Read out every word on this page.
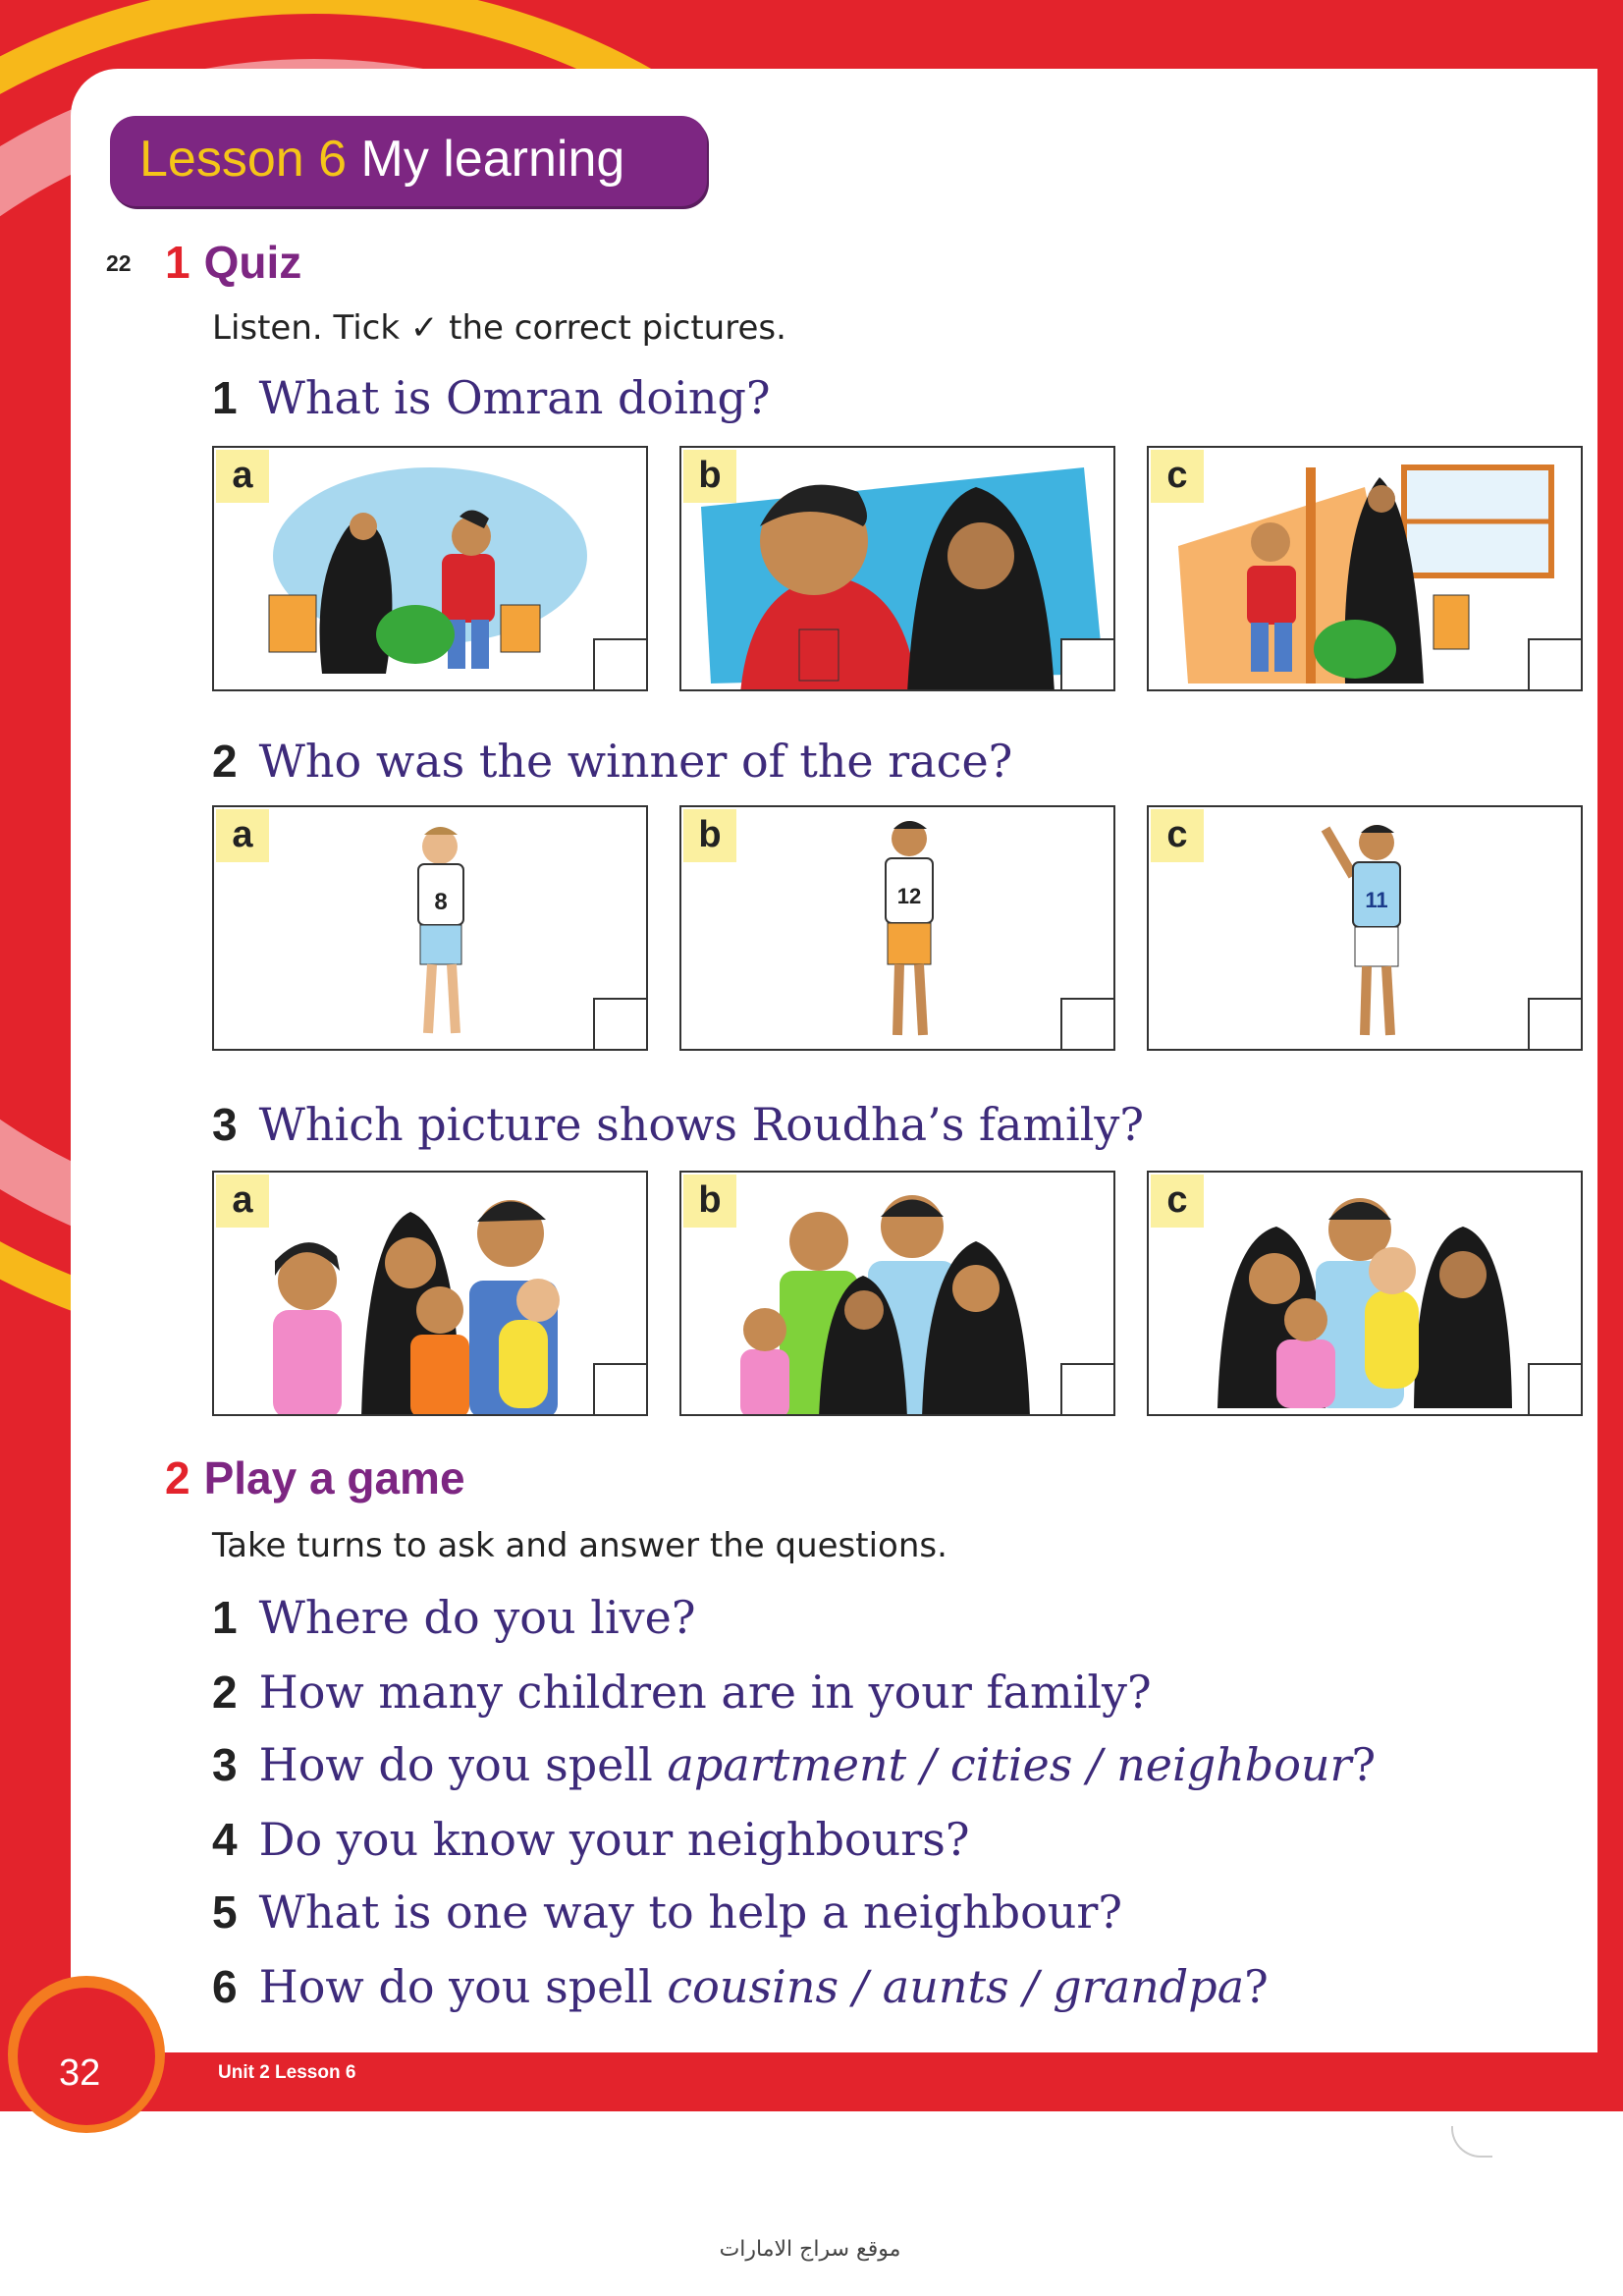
Lesson 6 My learning
22 1 Quiz
Listen. Tick ✓ the correct pictures.
1 What is Omran doing?
a	b	c
2 Who was the winner of the race?
8
a
12
b
11
c
3 Which picture shows Roudha’s family?
a	b	c
2 Play a game
Take turns to ask and answer the questions.
1 Where do you live?
2 How many children are in your family?
3 How do you spell apartment / cities / neighbour?
4 Do you know your neighbours?
5 What is one way to help a neighbour?
6 How do you spell cousins / aunts / grandpa?
32	Unit 2 Lesson 6
موقع سراج الامارات
